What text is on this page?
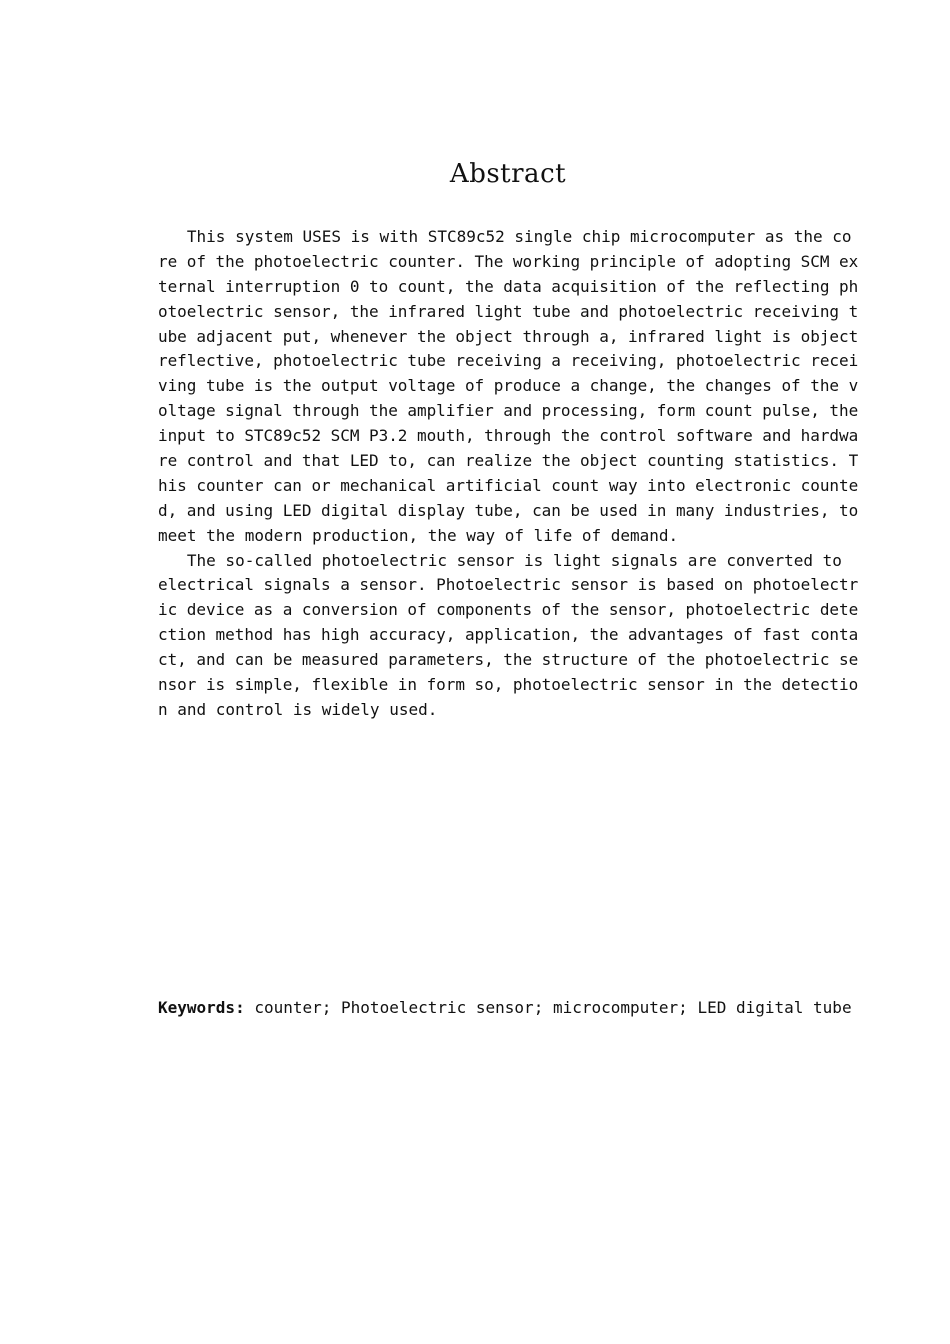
Abstract
This system USES is with STC89c52 single chip microcomputer as the co
re of the photoelectric counter. The working principle of adopting SCM ex
ternal interruption 0 to count, the data acquisition of the reflecting ph
otoelectric sensor, the infrared light tube and photoelectric receiving t
ube adjacent put, whenever the object through a, infrared light is object
reflective, photoelectric tube receiving a receiving, photoelectric recei
ving tube is the output voltage of produce a change, the changes of the v
oltage signal through the amplifier and processing, form count pulse, the
input to STC89c52 SCM P3.2 mouth, through the control software and hardwa
re control and that LED to, can realize the object counting statistics. T
his counter can or mechanical artificial count way into electronic counte
d, and using LED digital display tube, can be used in many industries, to
meet the modern production, the way of life of demand.
The so-called photoelectric sensor is light signals are converted to
electrical signals a sensor. Photoelectric sensor is based on photoelectr
ic device as a conversion of components of the sensor, photoelectric dete
ction method has high accuracy, application, the advantages of fast conta
ct, and can be measured parameters, the structure of the photoelectric se
nsor is simple, flexible in form so, photoelectric sensor in the detectio
n and control is widely used.
Keywords: counter; Photoelectric sensor; microcomputer; LED digital tube
